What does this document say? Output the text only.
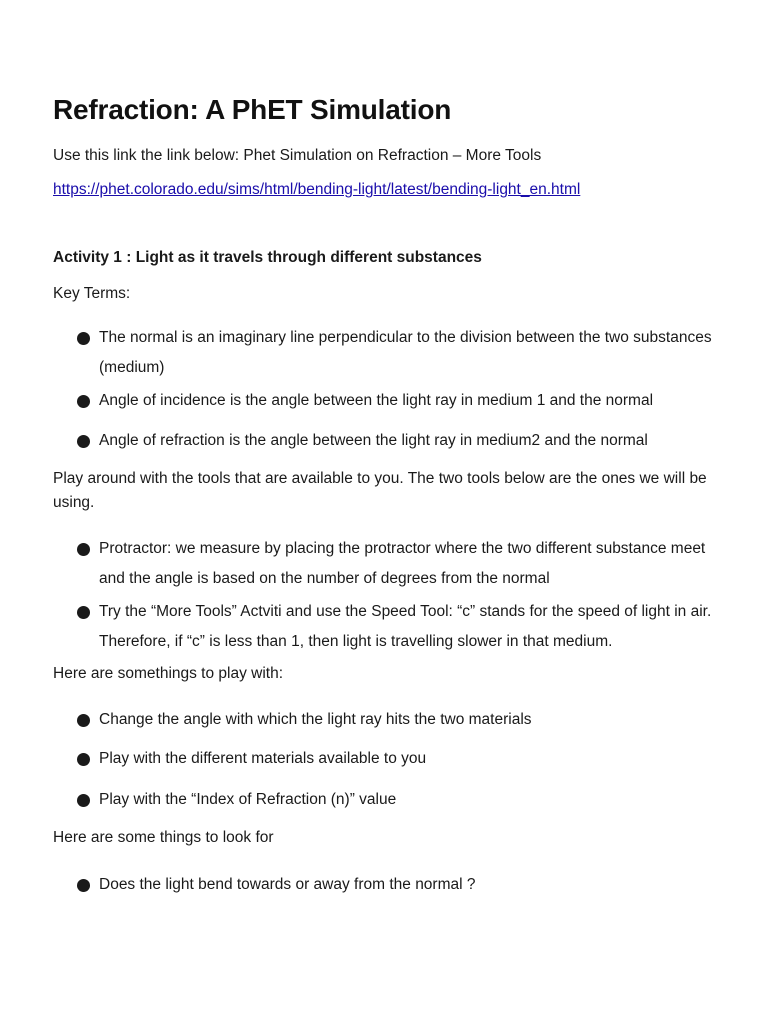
Refraction: A PhET Simulation
Use this link the link below: Phet Simulation on Refraction – More Tools
https://phet.colorado.edu/sims/html/bending-light/latest/bending-light_en.html
Activity 1 : Light as it travels through different substances
Key Terms:
The normal is an imaginary line perpendicular to the division between the two substances (medium)
Angle of incidence is the angle between the light ray in medium 1 and the normal
Angle of refraction is the angle between the light ray in medium2 and the normal
Play around with the tools that are available to you. The two tools below are the ones we will be using.
Protractor: we measure by placing the protractor where the two different substance meet and the angle is based on the number of degrees from the normal
Try the “More Tools” Actviti and use the Speed Tool: “c” stands for the speed of light in air. Therefore, if “c” is less than 1, then light is travelling slower in that medium.
Here are somethings to play with:
Change the angle with which the light ray hits the two materials
Play with the different materials available to you
Play with the “Index of Refraction (n)” value
Here are some things to look for
Does the light bend towards or away from the normal ?
